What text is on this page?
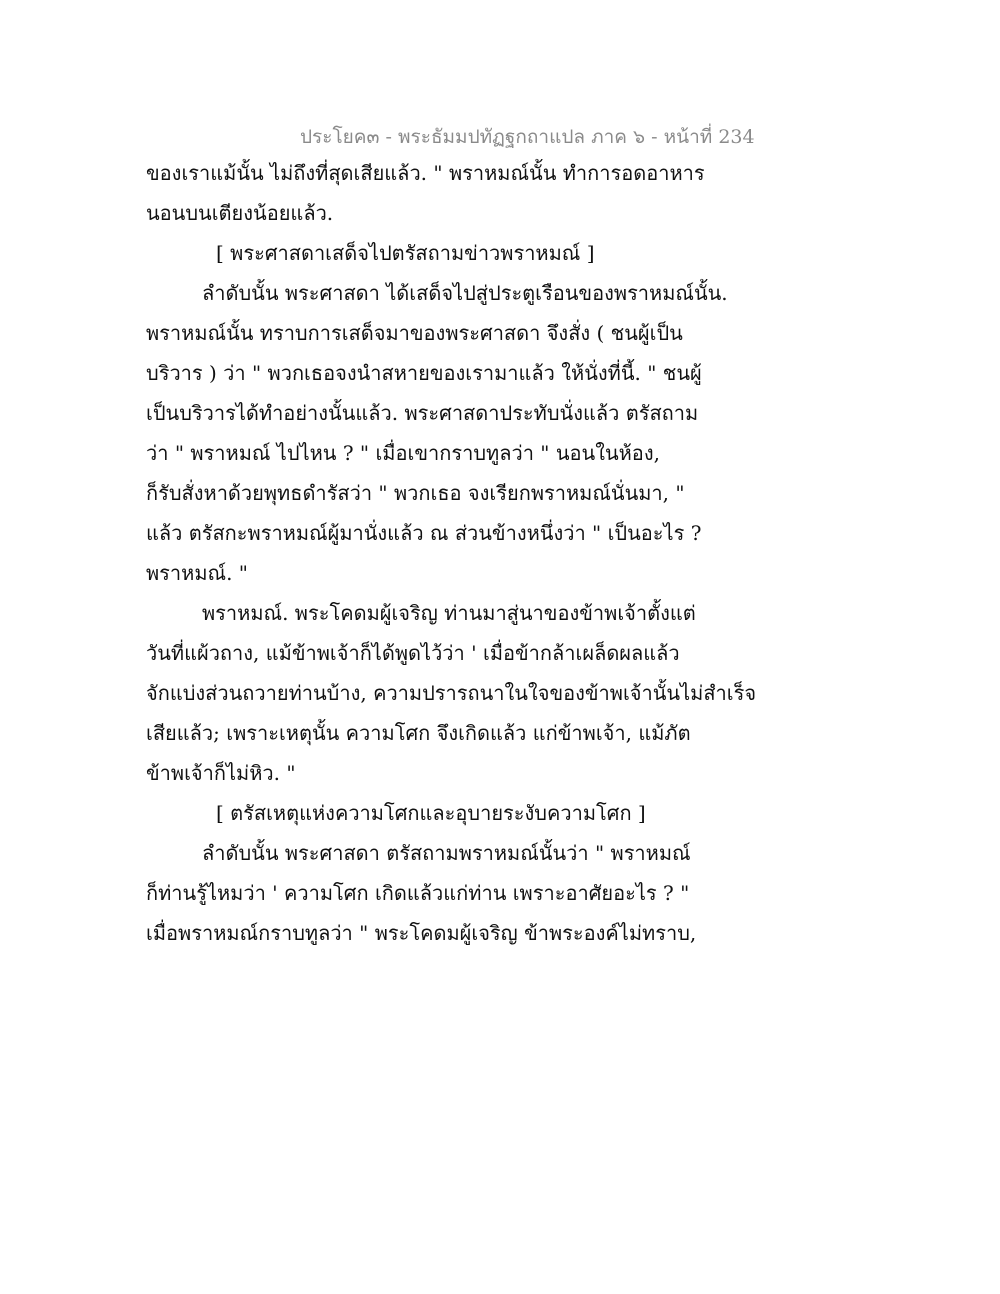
ประโยค๓ - พระธัมมปทัฏฐกถาแปล ภาค ๖ - หน้าที่ 234
ของเราแม้นั้น ไม่ถึงที่สุดเสียแล้ว. " พราหมณ์นั้น ทำการอดอาหาร
นอนบนเตียงน้อยแล้ว.
[ พระศาสดาเสด็จไปตรัสถามข่าวพราหมณ์ ]
ลำดับนั้น พระศาสดา ได้เสด็จไปสู่ประตูเรือนของพราหมณ์นั้น.
พราหมณ์นั้น ทราบการเสด็จมาของพระศาสดา จึงสั่ง ( ชนผู้เป็น
บริวาร ) ว่า " พวกเธอจงนำสหายของเรามาแล้ว ให้นั่งที่นี้. " ชนผู้
เป็นบริวารได้ทำอย่างนั้นแล้ว. พระศาสดาประทับนั่งแล้ว ตรัสถาม
ว่า " พราหมณ์ ไปไหน ? " เมื่อเขากราบทูลว่า " นอนในห้อง,
ก็รับสั่งหาด้วยพุทธดำรัสว่า " พวกเธอ จงเรียกพราหมณ์นั่นมา, "
แล้ว ตรัสกะพราหมณ์ผู้มานั่งแล้ว ณ ส่วนข้างหนึ่งว่า " เป็นอะไร ?
พราหมณ์. "
พราหมณ์. พระโคดมผู้เจริญ ท่านมาสู่นาของข้าพเจ้าตั้งแต่
วันที่แผ้วถาง, แม้ข้าพเจ้าก็ได้พูดไว้ว่า ' เมื่อข้ากล้าเผล็ดผลแล้ว
จักแบ่งส่วนถวายท่านบ้าง, ความปรารถนาในใจของข้าพเจ้านั้นไม่สำเร็จ
เสียแล้ว; เพราะเหตุนั้น ความโศก จึงเกิดแล้ว แก่ข้าพเจ้า, แม้ภัต
ข้าพเจ้าก็ไม่หิว. "
[ ตรัสเหตุแห่งความโศกและอุบายระงับความโศก ]
ลำดับนั้น พระศาสดา ตรัสถามพราหมณ์นั้นว่า " พราหมณ์
ก็ท่านรู้ไหมว่า ' ความโศก เกิดแล้วแก่ท่าน เพราะอาศัยอะไร ? "
เมื่อพราหมณ์กราบทูลว่า " พระโคดมผู้เจริญ ข้าพระองค์ไม่ทราบ,
